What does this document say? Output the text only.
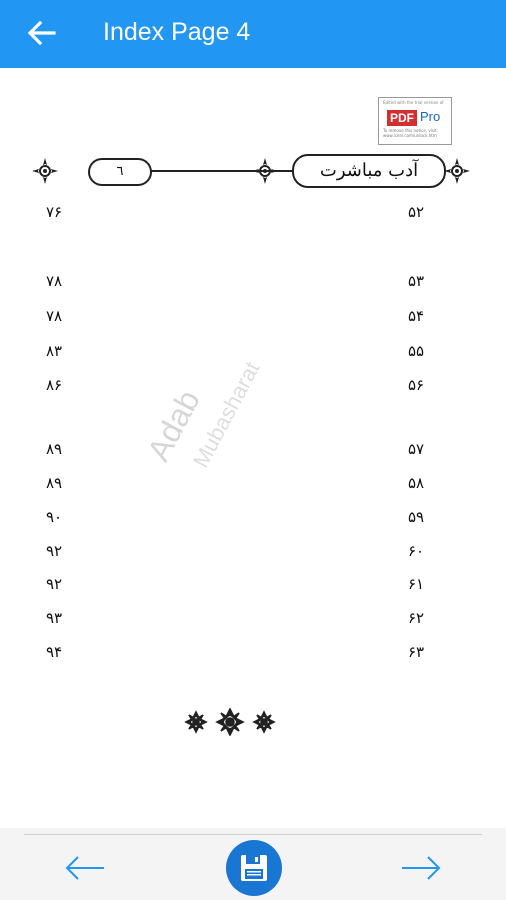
Index Page 4
Edited with the trial version of
PDF Pro
To remove this notice, visit: www.iceni.com/unlock.htm
٦	آدب مباشرت
۵۲
۷۶
۵۳
۷۸
۵۴
۷۸
۵۵
۸۳
۵۶
۸۶
۵۷
۸۹
۵۸
۸۹
۵۹
۹۰
۶۰
۹۲
۶۱
۹۲
۶۲
۹۳
۶۳
۹۴
Adab
Mubasharat
